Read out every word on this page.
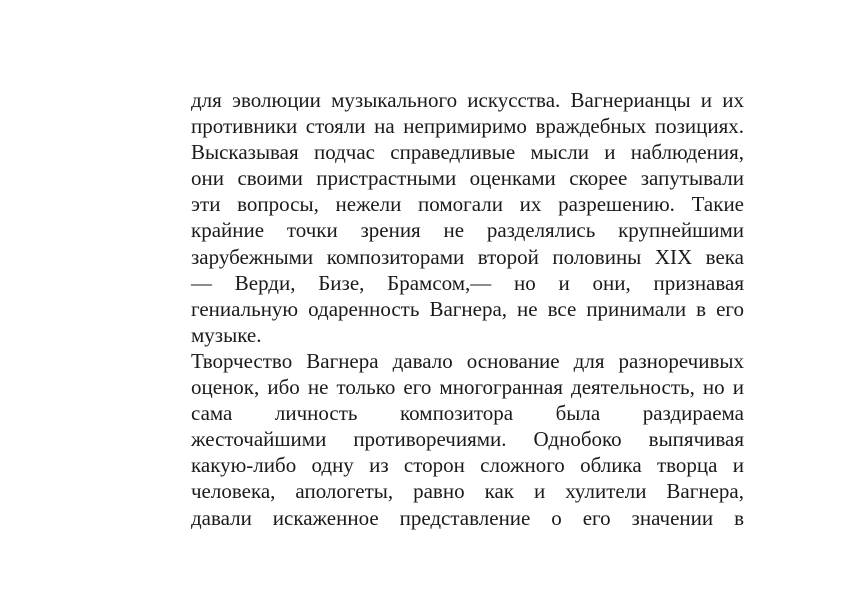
для эволюции музыкального искусства. Вагнерианцы и их
противники стояли на непримиримо враждебных позициях.
Высказывая подчас справедливые мысли и наблюдения,
они своими пристрастными оценками скорее запутывали
эти вопросы, нежели помогали их разрешению. Такие
крайние точки зрения не разделялись крупнейшими
зарубежными композиторами второй половины XIX века
— Верди, Бизе, Брамсом,— но и они, признавая
гениальную одаренность Вагнера, не все принимали в его
музыке.
Творчество Вагнера давало основание для разноречивых
оценок, ибо не только его многогранная деятельность, но и
сама личность композитора была раздираема
жесточайшими противоречиями. Однобоко выпячивая
какую-либо одну из сторон сложного облика творца и
человека, апологеты, равно как и хулители Вагнера,
давали искаженное представление о его значении в
